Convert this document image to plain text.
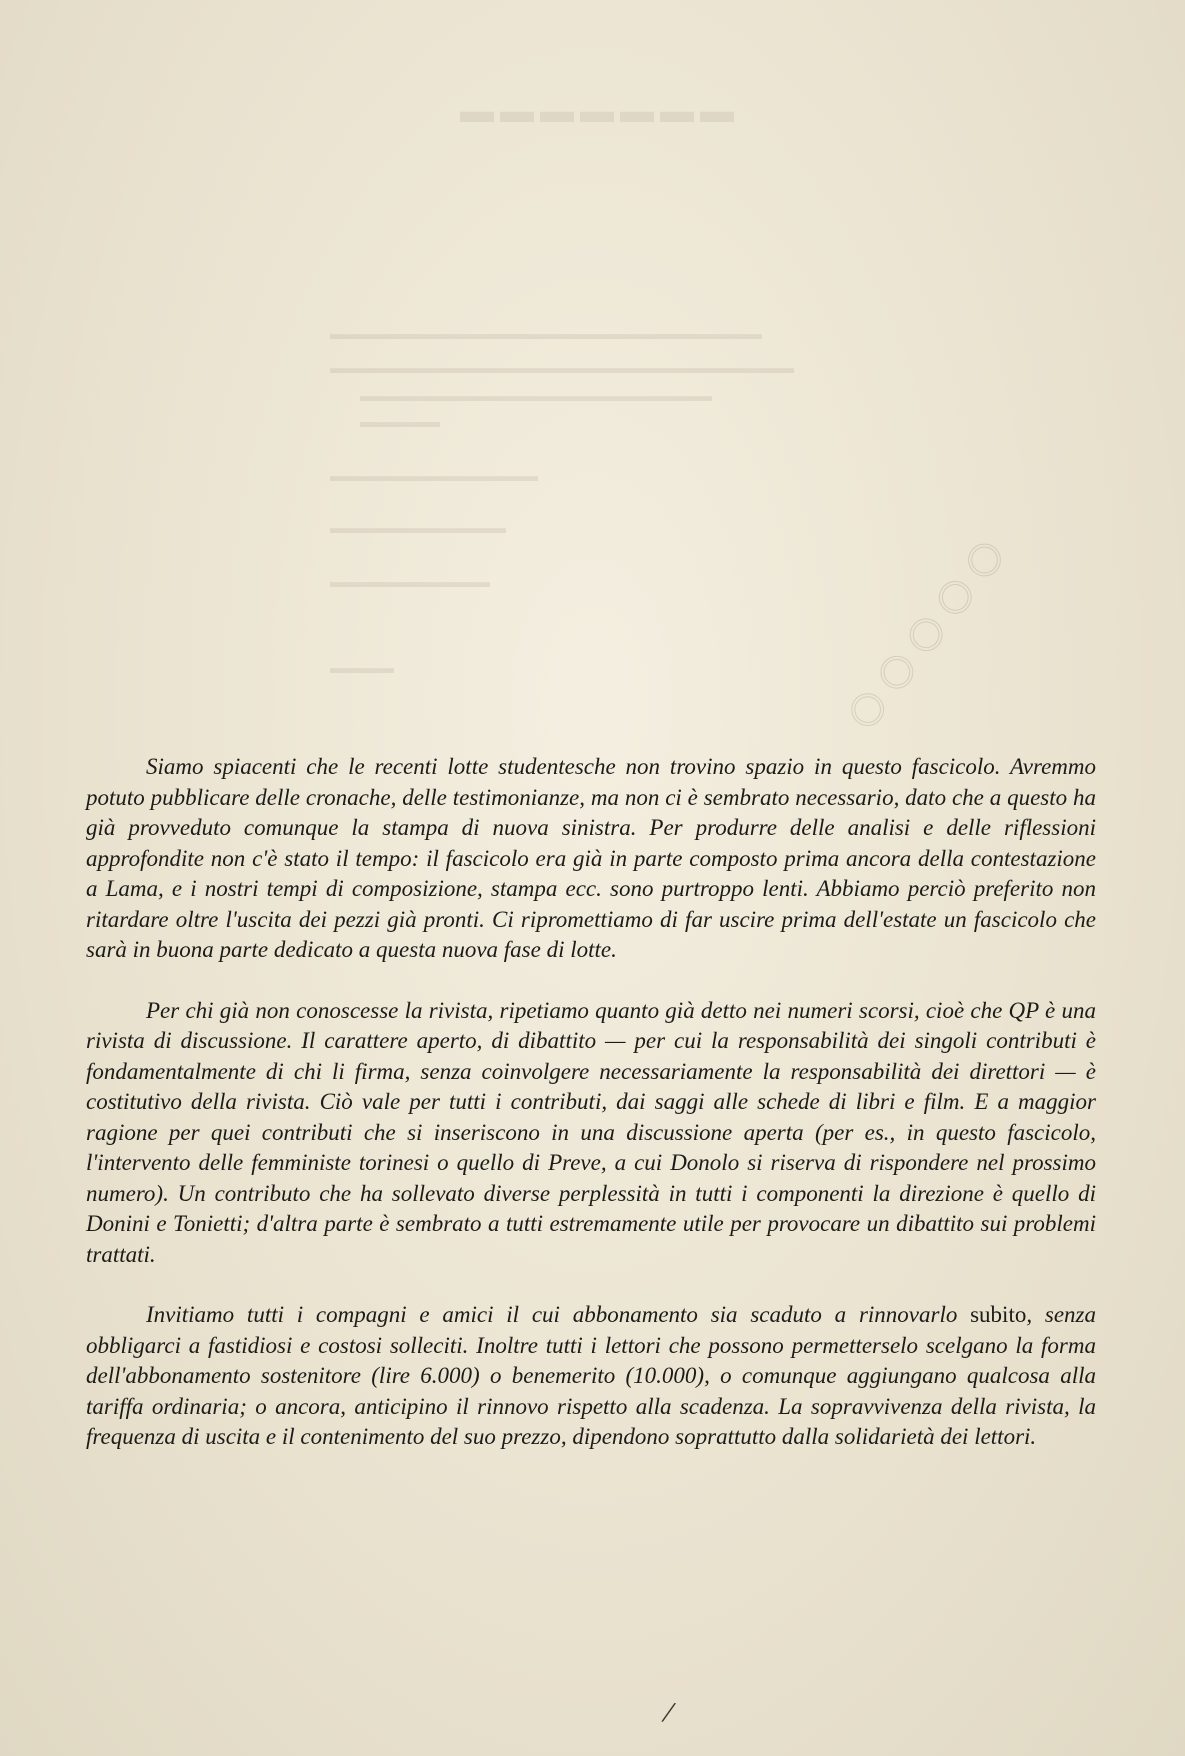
▬▬▬▬▬▬▬
▬▬▬▬▬▬▬▬▬▬▬▬▬▬▬▬▬▬▬▬▬▬▬▬▬▬▬
▬▬▬▬▬▬▬▬▬▬▬▬▬▬▬▬▬▬▬▬▬▬▬▬▬▬▬▬▬
▬▬▬▬▬▬▬▬▬▬▬▬▬▬▬▬▬▬▬▬▬▬
▬▬▬▬▬
▬▬▬▬▬▬▬▬▬▬▬▬▬
▬▬▬▬▬▬▬▬▬▬▬
▬▬▬▬▬▬▬▬▬▬
▬▬▬▬	○○○○○

Siamo spiacenti che le recenti lotte studentesche non trovino spazio in questo fascicolo. Avremmo potuto pubblicare delle cronache, delle testimonianze, ma non ci è sembrato necessario, dato che a questo ha già provveduto comunque la stampa di nuova sinistra. Per produrre delle analisi e delle riflessioni approfondite non c'è stato il tempo: il fascicolo era già in parte composto prima ancora della contestazione a Lama, e i nostri tempi di composizione, stampa ecc. sono purtroppo lenti. Abbiamo perciò preferito non ritardare oltre l'uscita dei pezzi già pronti. Ci ripromettiamo di far uscire prima dell'estate un fascicolo che sarà in buona parte dedicato a questa nuova fase di lotte.

Per chi già non conoscesse la rivista, ripetiamo quanto già detto nei numeri scorsi, cioè che QP è una rivista di discussione. Il carattere aperto, di dibattito — per cui la responsabilità dei singoli contributi è fondamentalmente di chi li firma, senza coinvolgere necessariamente la responsabilità dei direttori — è costitutivo della rivista. Ciò vale per tutti i contributi, dai saggi alle schede di libri e film. E a maggior ragione per quei contributi che si inseriscono in una discussione aperta (per es., in questo fascicolo, l'intervento delle femministe torinesi o quello di Preve, a cui Donolo si riserva di rispondere nel prossimo numero). Un contributo che ha sollevato diverse perplessità in tutti i componenti la direzione è quello di Donini e Tonietti; d'altra parte è sembrato a tutti estremamente utile per provocare un dibattito sui problemi trattati.

Invitiamo tutti i compagni e amici il cui abbonamento sia scaduto a rinnovarlo subito, senza obbligarci a fastidiosi e costosi solleciti. Inoltre tutti i lettori che possono permetterselo scelgano la forma dell'abbonamento sostenitore (lire 6.000) o benemerito (10.000), o comunque aggiungano qualcosa alla tariffa ordinaria; o ancora, anticipino il rinnovo rispetto alla scadenza. La sopravvivenza della rivista, la frequenza di uscita e il contenimento del suo prezzo, dipendono soprattutto dalla solidarietà dei lettori.

/
